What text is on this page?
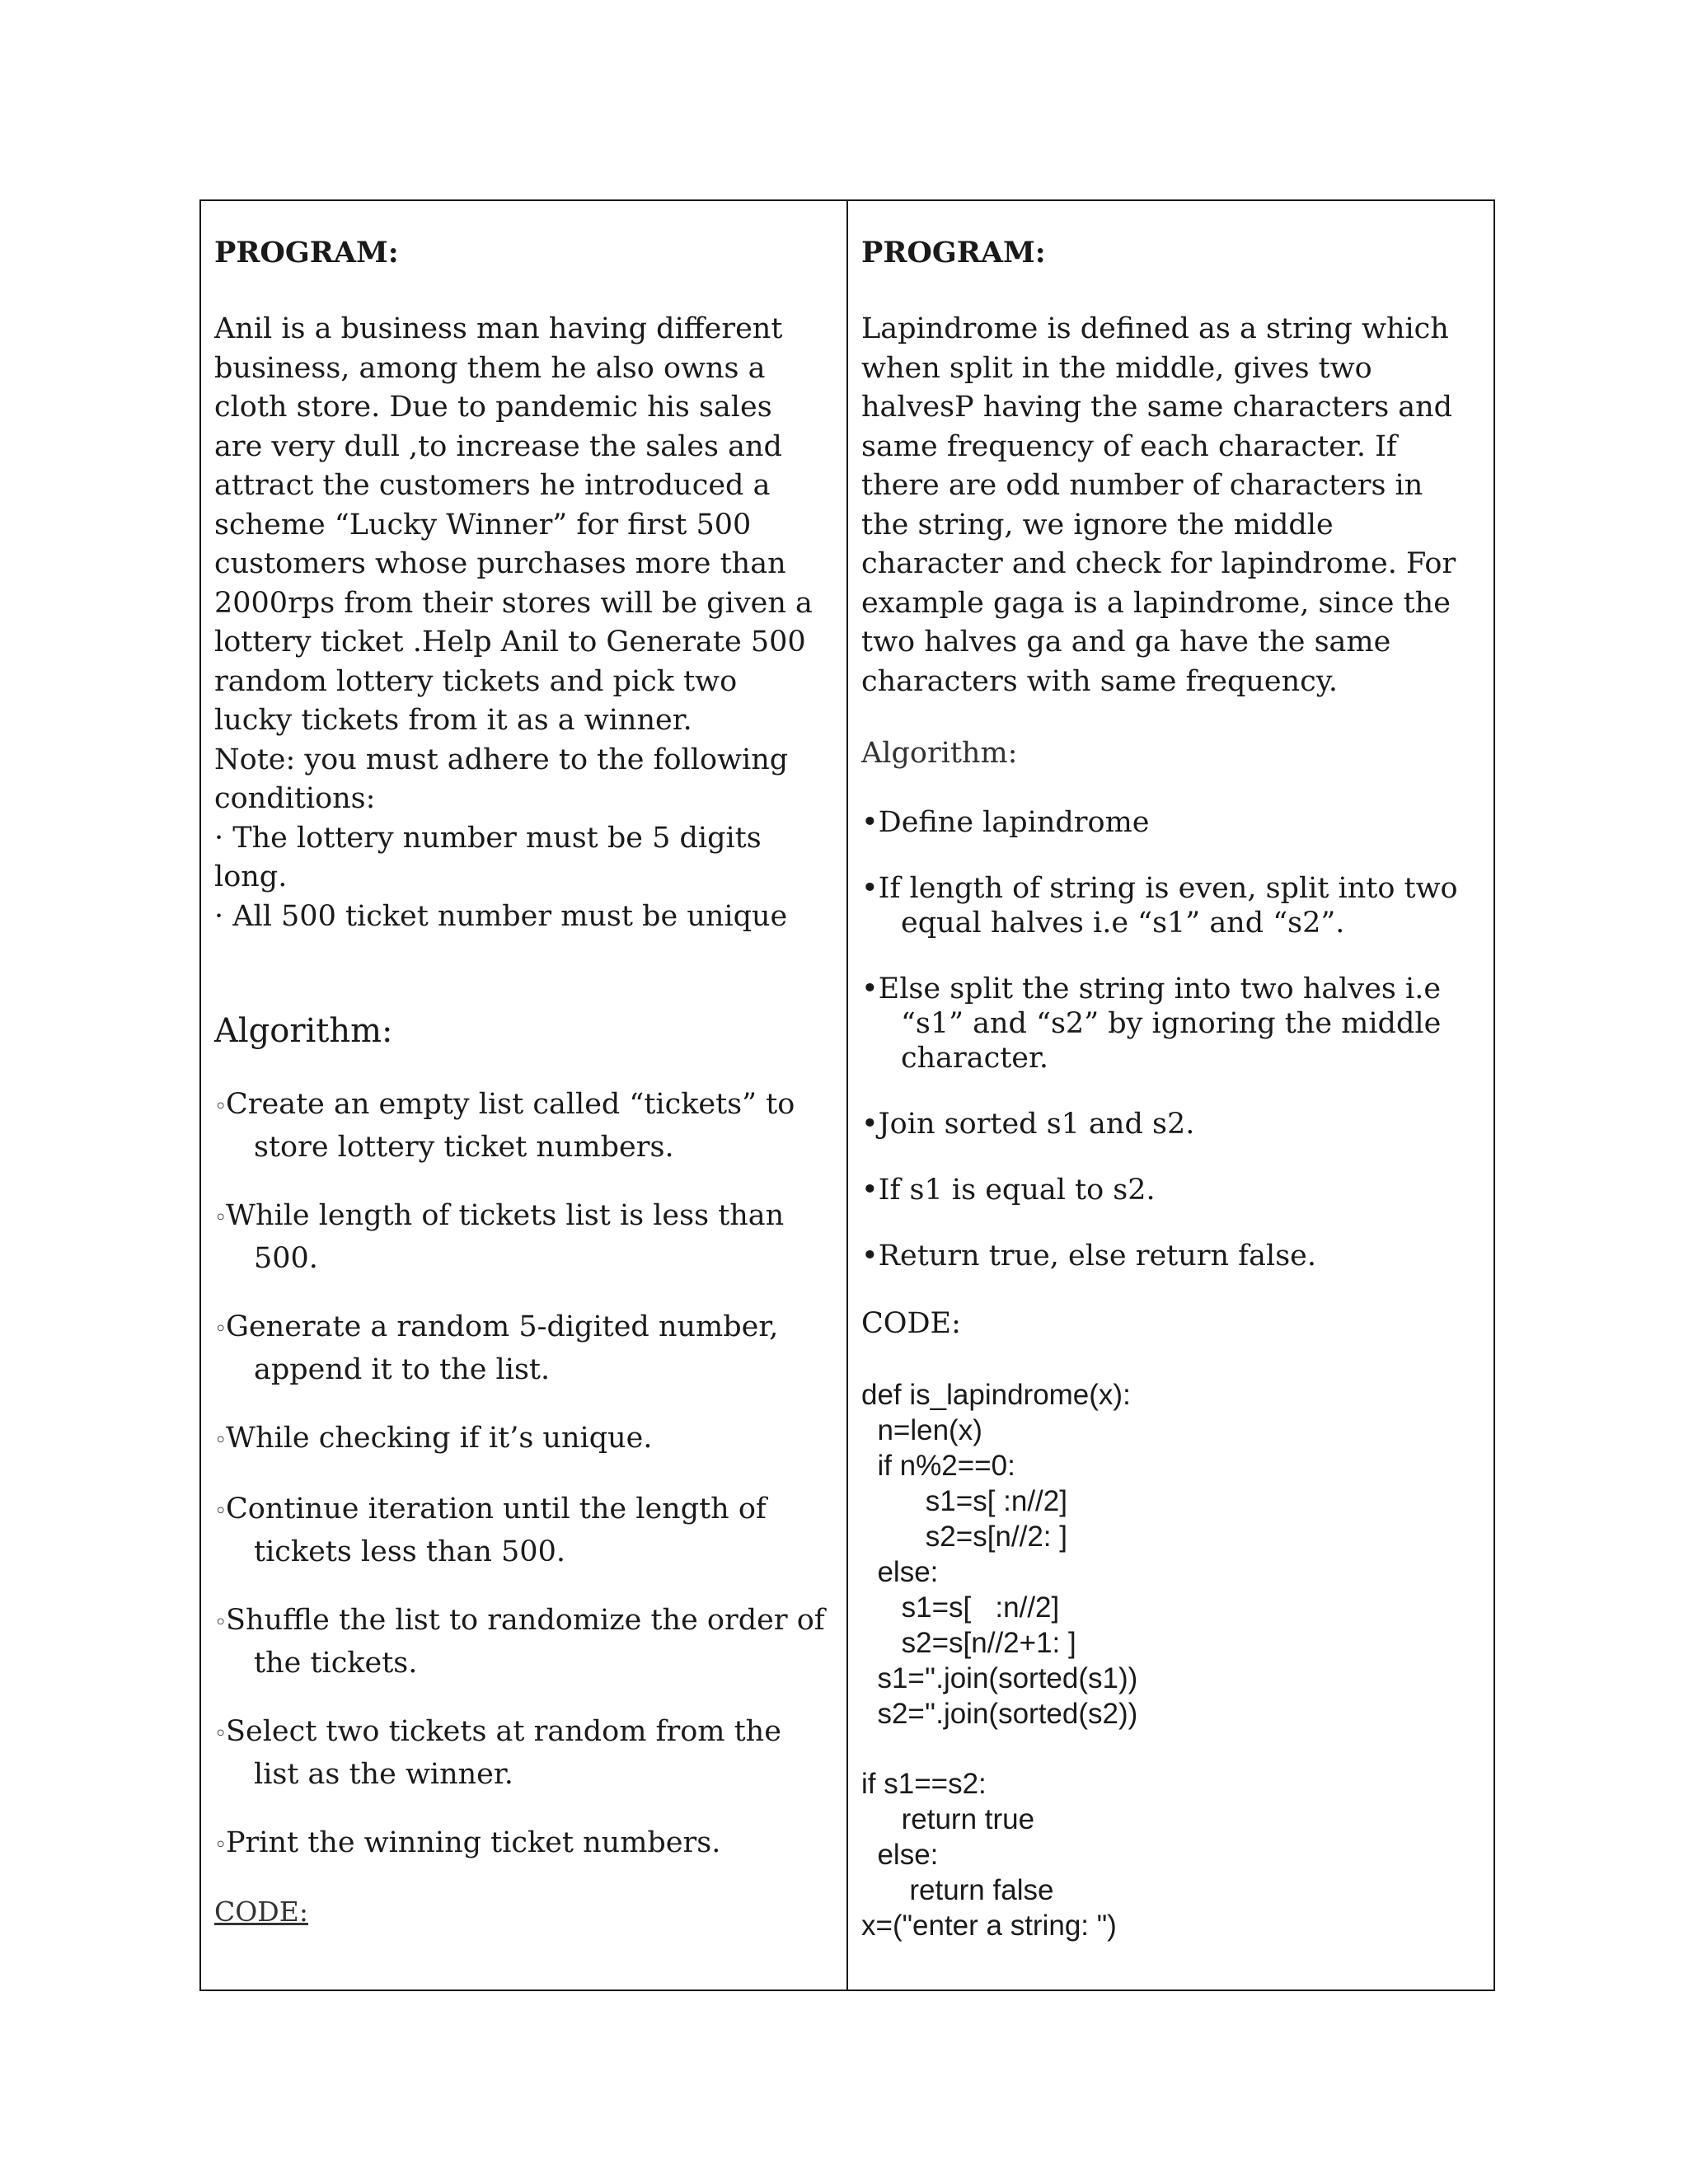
PROGRAM:

Anil is a business man having different
business, among them he also owns a
cloth store. Due to pandemic his sales
are very dull ,to increase the sales and
attract the customers he introduced a
scheme “Lucky Winner” for first 500
customers whose purchases more than
2000rps from their stores will be given a
lottery ticket .Help Anil to Generate 500
random lottery tickets and pick two
lucky tickets from it as a winner.
Note: you must adhere to the following
conditions:
· The lottery number must be 5 digits
long.
· All 500 ticket number must be unique

Algorithm:

◦Create an empty list called “tickets” to store lottery ticket numbers.

◦While length of tickets list is less than 500.

◦Generate a random 5-digited number, append it to the list.

◦While checking if it’s unique.

◦Continue iteration until the length of tickets less than 500.

◦Shuffle the list to randomize the order of the tickets.

◦Select two tickets at random from the list as the winner.

◦Print the winning ticket numbers.

CODE:

PROGRAM:

Lapindrome is defined as a string which
when split in the middle, gives two
halvesP having the same characters and
same frequency of each character. If
there are odd number of characters in
the string, we ignore the middle
character and check for lapindrome. For
example gaga is a lapindrome, since the
two halves ga and ga have the same
characters with same frequency.

Algorithm:

•Define lapindrome

•If length of string is even, split into two equal halves i.e “s1” and “s2”.

•Else split the string into two halves i.e “s1” and “s2” by ignoring the middle character.

•Join sorted s1 and s2.

•If s1 is equal to s2.

•Return true, else return false.

CODE:

def is_lapindrome(x):

n=len(x)

if n%2==0:

s1=s[ :n//2]

s2=s[n//2: ]

else:

s1=s[   :n//2]

s2=s[n//2+1: ]

s1=''.join(sorted(s1))

s2=''.join(sorted(s2))

if s1==s2:

return true

else:

return false

x=("enter a string: ")
